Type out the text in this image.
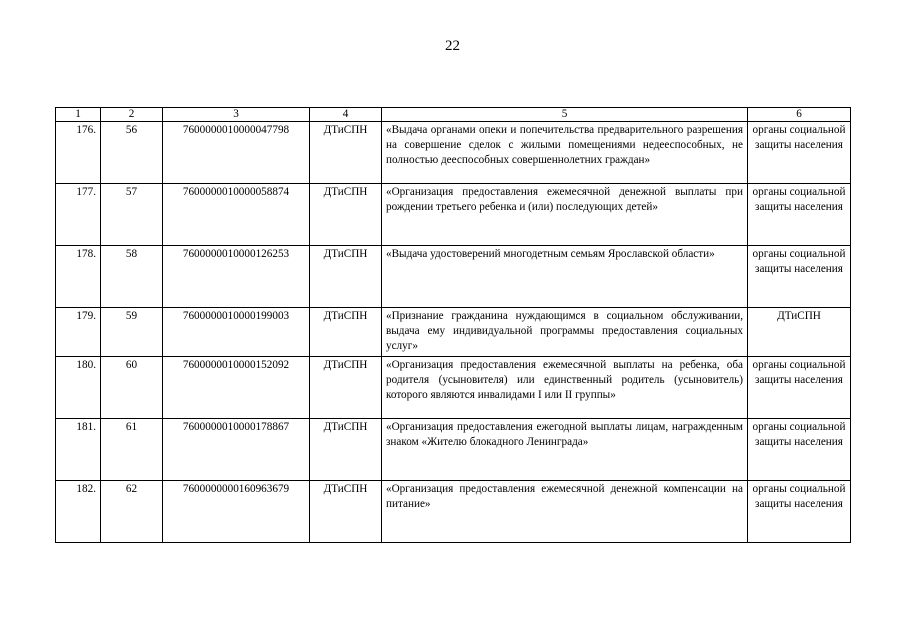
22
1	2	3	4	5	6
176.	56	7600000010000047798	ДТиСПН	«Выдача органами опеки и попечительства предварительного разрешения на совершение сделок с жилыми помещениями недееспособных, не полностью дееспособных совершеннолетних граждан»	органы социальной защиты населения
177.	57	7600000010000058874	ДТиСПН	«Организация предоставления ежемесячной денежной выплаты при рождении третьего ребенка и (или) последующих детей»	органы социальной защиты населения
178.	58	7600000010000126253	ДТиСПН	«Выдача удостоверений многодетным семьям Ярославской области»	органы социальной защиты населения
179.	59	7600000010000199003	ДТиСПН	«Признание гражданина нуждающимся в социальном обслуживании, выдача ему индивидуальной программы предоставления социальных услуг»	ДТиСПН
180.	60	7600000010000152092	ДТиСПН	«Организация предоставления ежемесячной выплаты на ребенка, оба родителя (усыновителя) или единственный родитель (усыновитель) которого являются инвалидами I или II группы»	органы социальной защиты населения
181.	61	7600000010000178867	ДТиСПН	«Организация предоставления ежегодной выплаты лицам, награжденным знаком «Жителю блокадного Ленинграда»	органы социальной защиты населения
182.	62	7600000000160963679	ДТиСПН	«Организация предоставления ежемесячной денежной компенсации на питание»	органы социальной защиты населения
